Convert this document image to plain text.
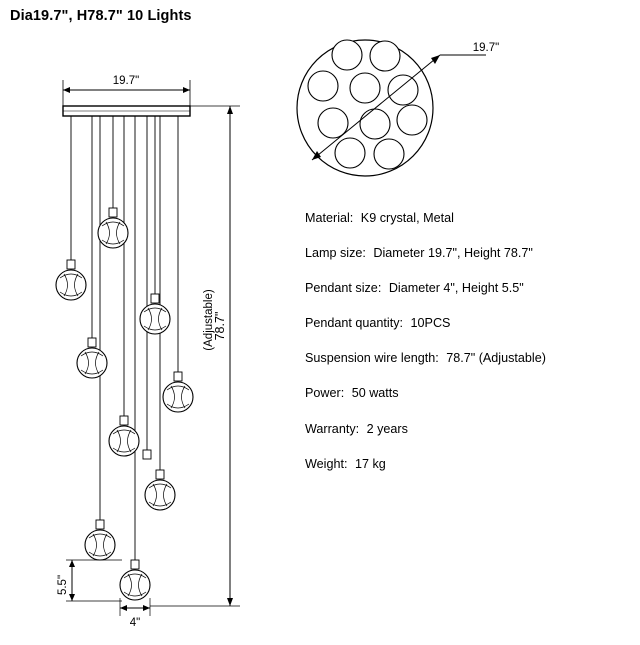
Dia19.7", H78.7" 10 Lights
19.7"
5.5"
4"
78.7"
(Adjustable)
19.7"
Material: K9 crystal, Metal
Lamp size: Diameter 19.7", Height 78.7"
Pendant size: Diameter 4", Height 5.5"
Pendant quantity: 10PCS
Suspension wire length: 78.7" (Adjustable)
Power: 50 watts
Warranty: 2 years
Weight: 17 kg
